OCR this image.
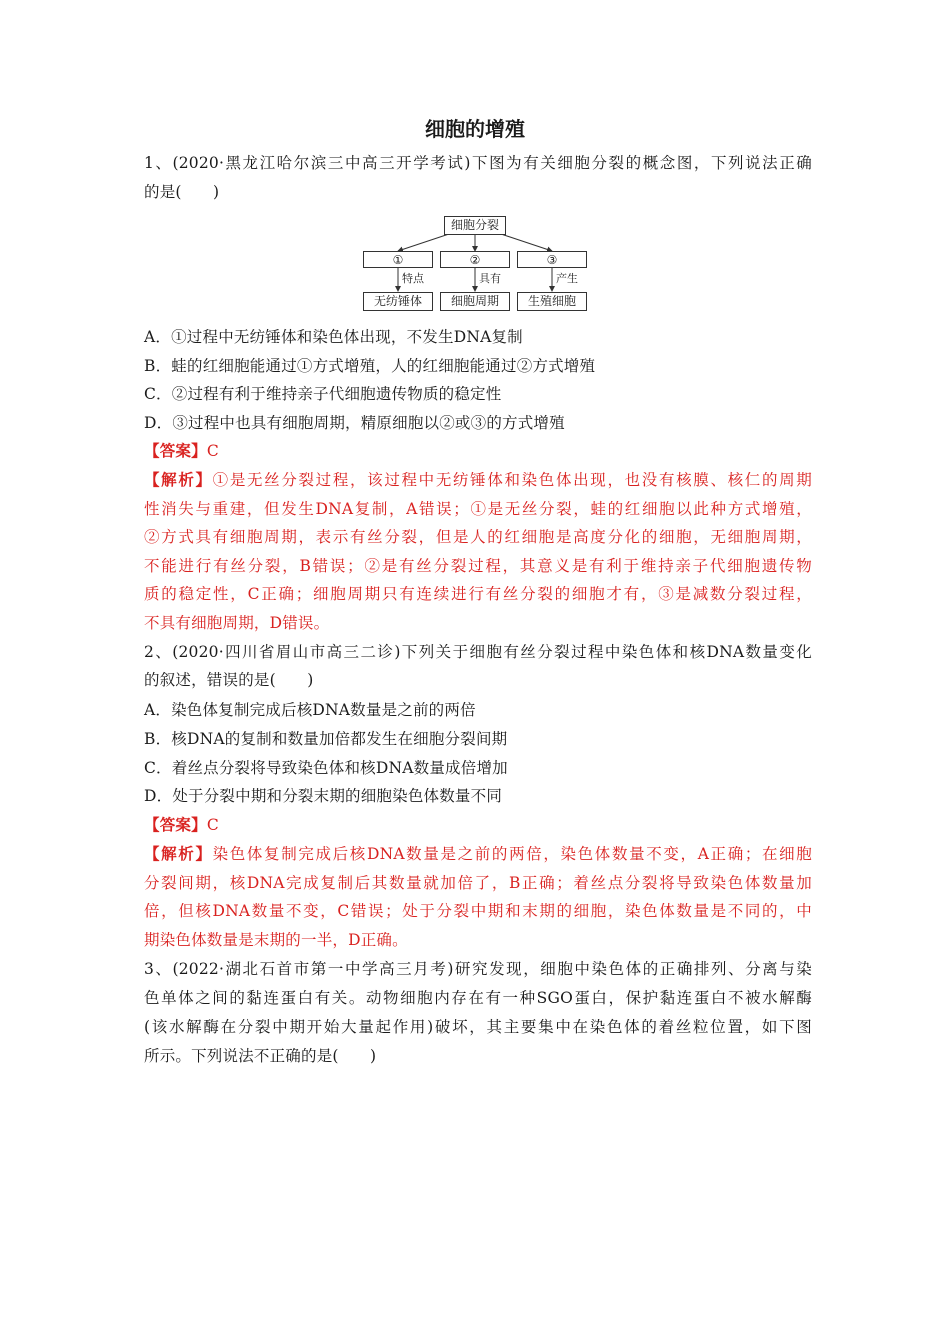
细胞的增殖
1、(2020·黑龙江哈尔滨三中高三开学考试)下图为有关细胞分裂的概念图，下列说法正确
的是(　　)
细胞分裂
①	②	③
特点	具有	产生
无纺锤体	细胞周期	生殖细胞
A．①过程中无纺锤体和染色体出现，不发生DNA复制
B．蛙的红细胞能通过①方式增殖，人的红细胞能通过②方式增殖
C．②过程有利于维持亲子代细胞遗传物质的稳定性
D．③过程中也具有细胞周期，精原细胞以②或③的方式增殖
【答案】C
【解析】①是无丝分裂过程，该过程中无纺锤体和染色体出现，也没有核膜、核仁的周期
性消失与重建，但发生DNA复制，A错误；①是无丝分裂，蛙的红细胞以此种方式增殖，
②方式具有细胞周期，表示有丝分裂，但是人的红细胞是高度分化的细胞，无细胞周期，
不能进行有丝分裂，B错误；②是有丝分裂过程，其意义是有利于维持亲子代细胞遗传物
质的稳定性，C正确；细胞周期只有连续进行有丝分裂的细胞才有，③是减数分裂过程，
不具有细胞周期，D错误。
2、(2020·四川省眉山市高三二诊)下列关于细胞有丝分裂过程中染色体和核DNA数量变化
的叙述，错误的是(　　)
A．染色体复制完成后核DNA数量是之前的两倍
B．核DNA的复制和数量加倍都发生在细胞分裂间期
C．着丝点分裂将导致染色体和核DNA数量成倍增加
D．处于分裂中期和分裂末期的细胞染色体数量不同
【答案】C
【解析】染色体复制完成后核DNA数量是之前的两倍，染色体数量不变，A正确；在细胞
分裂间期，核DNA完成复制后其数量就加倍了，B正确；着丝点分裂将导致染色体数量加
倍，但核DNA数量不变，C错误；处于分裂中期和末期的细胞，染色体数量是不同的，中
期染色体数量是末期的一半，D正确。
3、(2022·湖北石首市第一中学高三月考)研究发现，细胞中染色体的正确排列、分离与染
色单体之间的黏连蛋白有关。动物细胞内存在有一种SGO蛋白，保护黏连蛋白不被水解酶
(该水解酶在分裂中期开始大量起作用)破坏，其主要集中在染色体的着丝粒位置，如下图
所示。下列说法不正确的是(　　)
